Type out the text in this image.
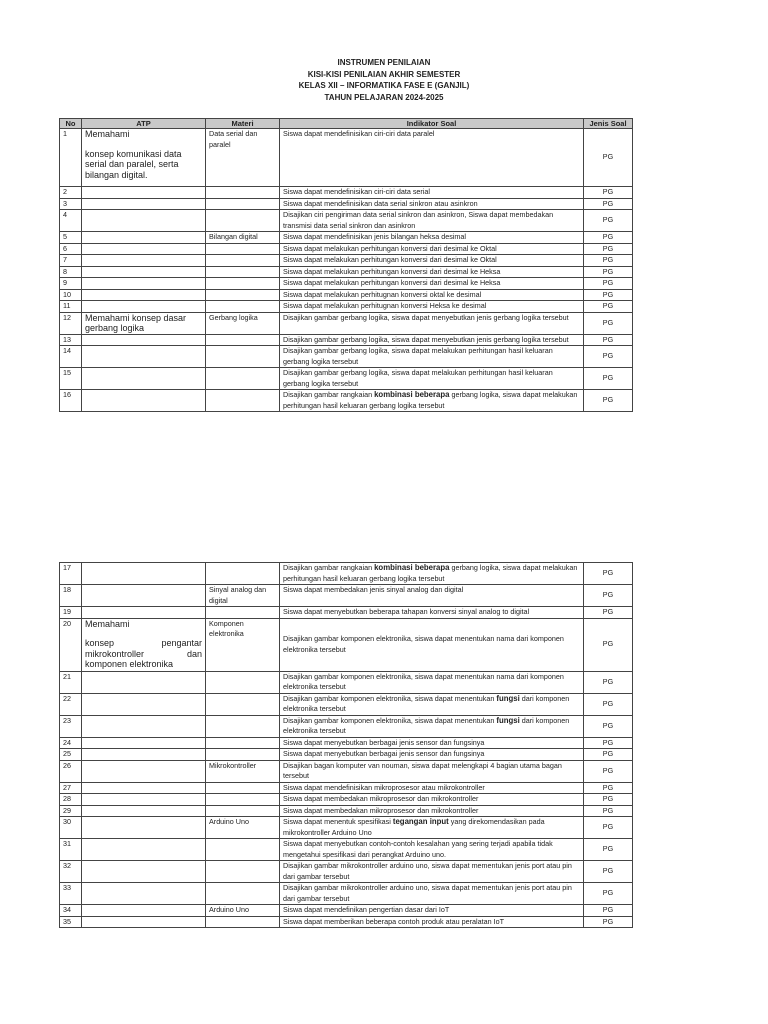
INSTRUMEN PENILAIAN
KISI-KISI PENILAIAN AKHIR SEMESTER
KELAS XII – INFORMATIKA FASE E (GANJIL)
TAHUN PELAJARAN 2024-2025
No	ATP	Materi	Indikator Soal	Jenis Soal
1	Memahami
konsep komunikasi data serial dan paralel, serta bilangan digital.	Data serial dan paralel	Siswa dapat mendefinisikan ciri-ciri data paralel	PG
2			Siswa dapat mendefinisikan ciri-ciri data serial	PG
3			Siswa dapat mendefinisikan data serial sinkron atau asinkron	PG
4			Disajikan ciri pengiriman data serial sinkron dan asinkron, Siswa dapat membedakan transmisi data serial sinkron dan asinkron	PG
5		Bilangan digital	Siswa dapat mendefinisikan jenis bilangan heksa desimal	PG
6			Siswa dapat melakukan perhitungan konversi dari desimal ke Oktal	PG
7			Siswa dapat melakukan perhitungan konversi dari desimal ke Oktal	PG
8			Siswa dapat melakukan perhitungan konversi dari desimal ke Heksa	PG
9			Siswa dapat melakukan perhitungan konversi dari desimal ke Heksa	PG
10			Siswa dapat melakukan perhitugnan konversi oktal ke desimal	PG
11			Siswa dapat melakukan perhitugnan konversi Heksa ke desimal	PG
12	Memahami konsep dasar gerbang logika	Gerbang logika	Disajikan gambar gerbang logika, siswa dapat menyebutkan jenis gerbang logika tersebut	PG
13			Disajikan gambar gerbang logika, siswa dapat menyebutkan jenis gerbang logika tersebut	PG
14			Disajikan gambar gerbang logika, siswa dapat melakukan perhitungan hasil keluaran gerbang logika tersebut	PG
15			Disajikan gambar gerbang logika, siswa dapat melakukan perhitungan hasil keluaran gerbang logika tersebut	PG
16			Disajikan gambar rangkaian kombinasi beberapa gerbang logika, siswa dapat melakukan perhitungan hasil keluaran gerbang logika tersebut	PG
17			Disajikan gambar rangkaian kombinasi beberapa gerbang logika, siswa dapat melakukan perhitungan hasil keluaran gerbang logika tersebut	PG
18		Sinyal analog dan digital	Siswa dapat membedakan jenis sinyal analog dan digital	PG
19			Siswa dapat menyebutkan beberapa tahapan konversi sinyal analog to digital	PG
20	Memahami
konsep pengantar mikrokontroller dan
komponen elektronika	Komponen elektronika	Disajikan gambar komponen elektronika, siswa dapat menentukan nama dari komponen elektronika tersebut	PG
21			Disajikan gambar komponen elektronika, siswa dapat menentukan nama dari komponen elektronika tersebut	PG
22			Disajikan gambar komponen elektronika, siswa dapat menentukan fungsi dari komponen elektronika tersebut	PG
23			Disajikan gambar komponen elektronika, siswa dapat menentukan fungsi dari komponen elektronika tersebut	PG
24			Siswa dapat menyebutkan berbagai jenis sensor dan fungsinya	PG
25			Siswa dapat menyebutkan berbagai jenis sensor dan fungsinya	PG
26		Mikrokontroller	Disajikan bagan komputer van nouman, siswa dapat melengkapi 4 bagian utama bagan tersebut	PG
27			Siswa dapat mendefinisikan mikroprosesor atau mikrokontroller	PG
28			Siswa dapat membedakan mikroprosesor dan mikrokontroller	PG
29			Siswa dapat membedakan mikroprosesor dan mikrokontroller	PG
30		Arduino Uno	Siswa dapat menentuk spesifikasi tegangan input yang direkomendasikan pada mikrokontroller Arduino Uno	PG
31			Siswa dapat menyebutkan contoh-contoh kesalahan yang sering terjadi apabila tidak mengetahui spesifikasi dari perangkat Arduino uno.	PG
32			Disajikan gambar mikrokontroller arduino uno, siswa dapat mementukan jenis port atau pin dari gambar tersebut	PG
33			Disajikan gambar mikrokontroller arduino uno, siswa dapat mementukan jenis port atau pin dari gambar tersebut	PG
34		Arduino Uno	Siswa dapat mendefinikan pengertian dasar dari IoT	PG
35			Siswa dapat memberikan beberapa contoh produk atau peralatan IoT	PG
